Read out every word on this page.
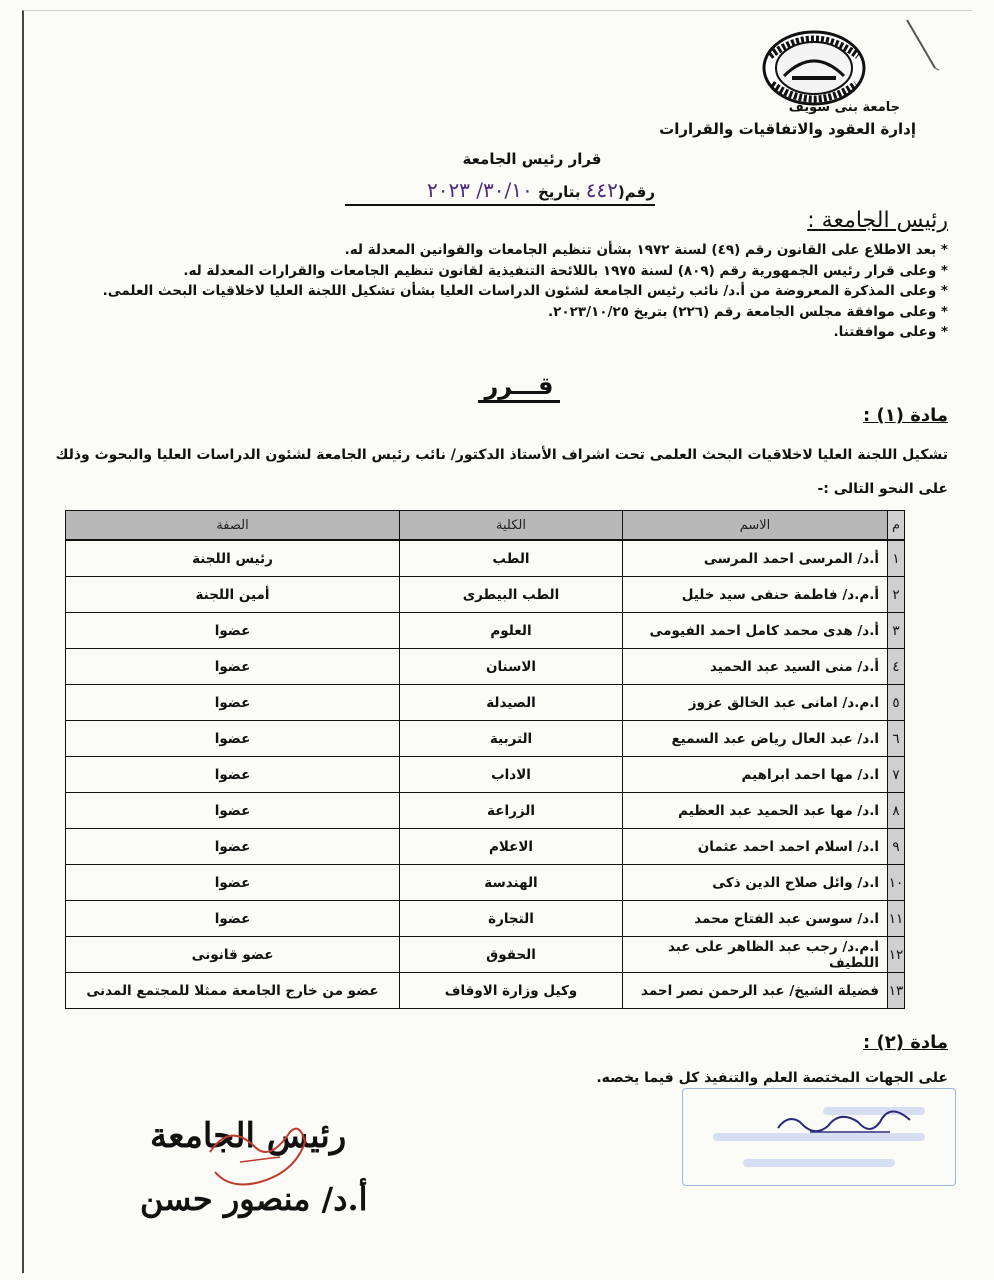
جامعة بنى سويف
إدارة العقود والاتفاقيات والقرارات
قرار رئيس الجامعة
رقم(٤٤٢ بتاريخ ٣٠/١٠/ ٢٠٢٣
رئيس الجامعة :
* بعد الاطلاع على القانون رقم (٤٩) لسنة ١٩٧٢ بشأن تنظيم الجامعات والقوانين المعدلة له.
* وعلى قرار رئيس الجمهورية رقم (٨٠٩) لسنة ١٩٧٥ باللائحة التنفيذية لقانون تنظيم الجامعات والقرارات المعدلة له.
* وعلى المذكرة المعروضة من أ.د/ نائب رئيس الجامعة لشئون الدراسات العليا بشأن تشكيل اللجنة العليا لاخلاقيات البحث العلمى.
* وعلى موافقة مجلس الجامعة رقم (٢٢٦) بتريخ ٢٠٢٣/١٠/٢٥.
* وعلى موافقتنا.
قـــرر
مادة (١) :
تشكيل اللجنة العليا لاخلاقيات البحث العلمى تحت اشراف الأستاذ الدكتور/ نائب رئيس الجامعة لشئون الدراسات العليا والبحوث وذلك على النحو التالى :-
م	الاسم	الكلية	الصفة
١	أ.د/ المرسى احمد المرسى	الطب	رئيس اللجنة
٢	أ.م.د/ فاطمة حنفى سيد خليل	الطب البيطرى	أمين اللجنة
٣	أ.د/ هدى محمد كامل احمد الفيومى	العلوم	عضوا
٤	أ.د/ منى السيد عبد الحميد	الاسنان	عضوا
٥	ا.م.د/ امانى عبد الخالق عزوز	الصيدلة	عضوا
٦	ا.د/ عبد العال رياض عبد السميع	التربية	عضوا
٧	ا.د/ مها احمد ابراهيم	الاداب	عضوا
٨	ا.د/ مها عبد الحميد عبد العظيم	الزراعة	عضوا
٩	ا.د/ اسلام احمد احمد عثمان	الاعلام	عضوا
١٠	ا.د/ وائل صلاح الدين ذكى	الهندسة	عضوا
١١	ا.د/ سوسن عبد الفتاح محمد	التجارة	عضوا
١٢	ا.م.د/ رجب عبد الظاهر على عبد اللطيف	الحقوق	عضو قانونى
١٣	فضيلة الشيخ/ عبد الرحمن نصر احمد	وكيل وزارة الاوقاف	عضو من خارج الجامعة ممثلا للمجتمع المدنى
مادة (٢) :
على الجهات المختصة العلم والتنفيذ كل فيما يخصه.
رئيس الجامعة
أ.د/ منصور حسن
